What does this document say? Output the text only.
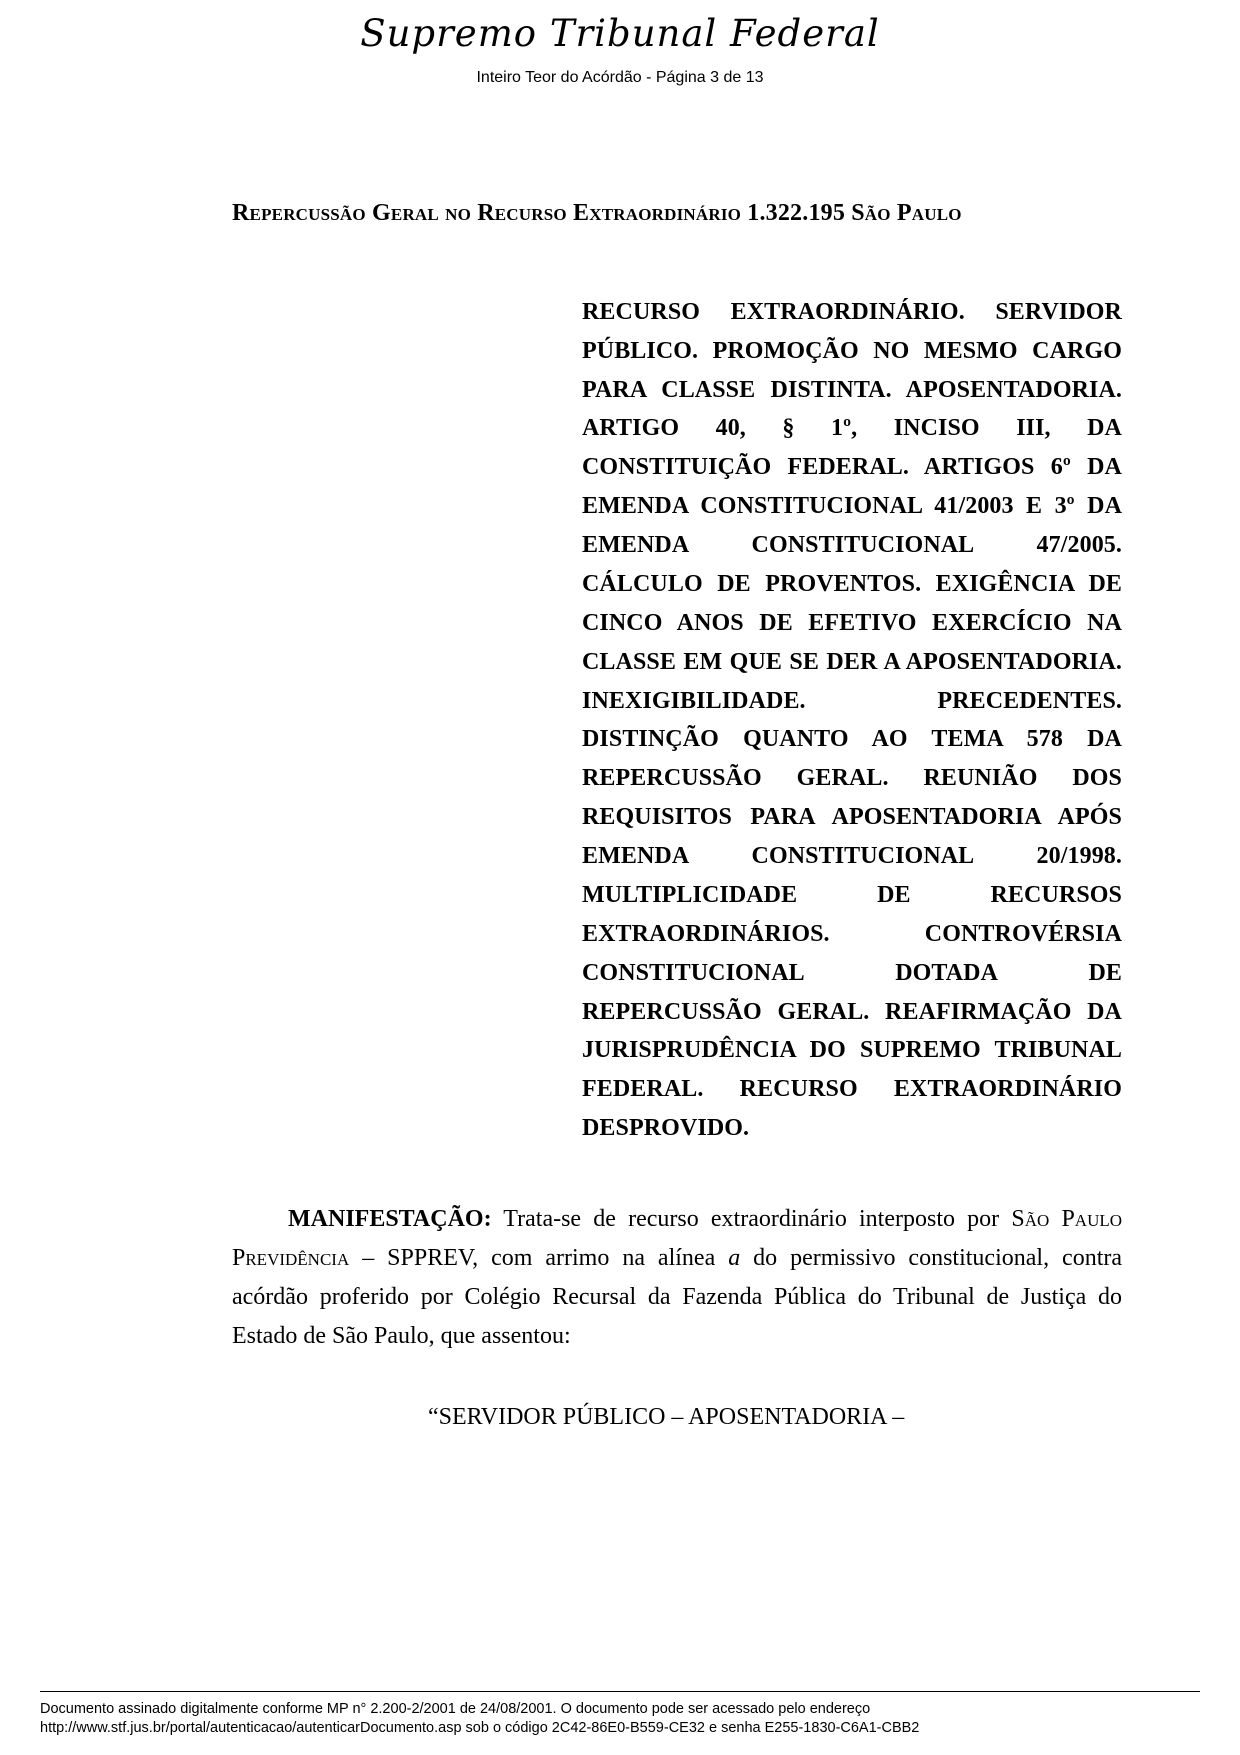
Supremo Tribunal Federal
Inteiro Teor do Acórdão - Página 3 de 13
Repercussão Geral no Recurso Extraordinário 1.322.195 São Paulo
RECURSO EXTRAORDINÁRIO. SERVIDOR PÚBLICO. PROMOÇÃO NO MESMO CARGO PARA CLASSE DISTINTA. APOSENTADORIA. ARTIGO 40, § 1º, INCISO III, DA CONSTITUIÇÃO FEDERAL. ARTIGOS 6º DA EMENDA CONSTITUCIONAL 41/2003 E 3º DA EMENDA CONSTITUCIONAL 47/2005. CÁLCULO DE PROVENTOS. EXIGÊNCIA DE CINCO ANOS DE EFETIVO EXERCÍCIO NA CLASSE EM QUE SE DER A APOSENTADORIA. INEXIGIBILIDADE. PRECEDENTES. DISTINÇÃO QUANTO AO TEMA 578 DA REPERCUSSÃO GERAL. REUNIÃO DOS REQUISITOS PARA APOSENTADORIA APÓS EMENDA CONSTITUCIONAL 20/1998. MULTIPLICIDADE DE RECURSOS EXTRAORDINÁRIOS. CONTROVÉRSIA CONSTITUCIONAL DOTADA DE REPERCUSSÃO GERAL. REAFIRMAÇÃO DA JURISPRUDÊNCIA DO SUPREMO TRIBUNAL FEDERAL. RECURSO EXTRAORDINÁRIO DESPROVIDO.
MANIFESTAÇÃO: Trata-se de recurso extraordinário interposto por São Paulo Previdência – SPPREV, com arrimo na alínea a do permissivo constitucional, contra acórdão proferido por Colégio Recursal da Fazenda Pública do Tribunal de Justiça do Estado de São Paulo, que assentou:
“SERVIDOR PÚBLICO – APOSENTADORIA –
Documento assinado digitalmente conforme MP n° 2.200-2/2001 de 24/08/2001. O documento pode ser acessado pelo endereço
http://www.stf.jus.br/portal/autenticacao/autenticarDocumento.asp sob o código 2C42-86E0-B559-CE32 e senha E255-1830-C6A1-CBB2
